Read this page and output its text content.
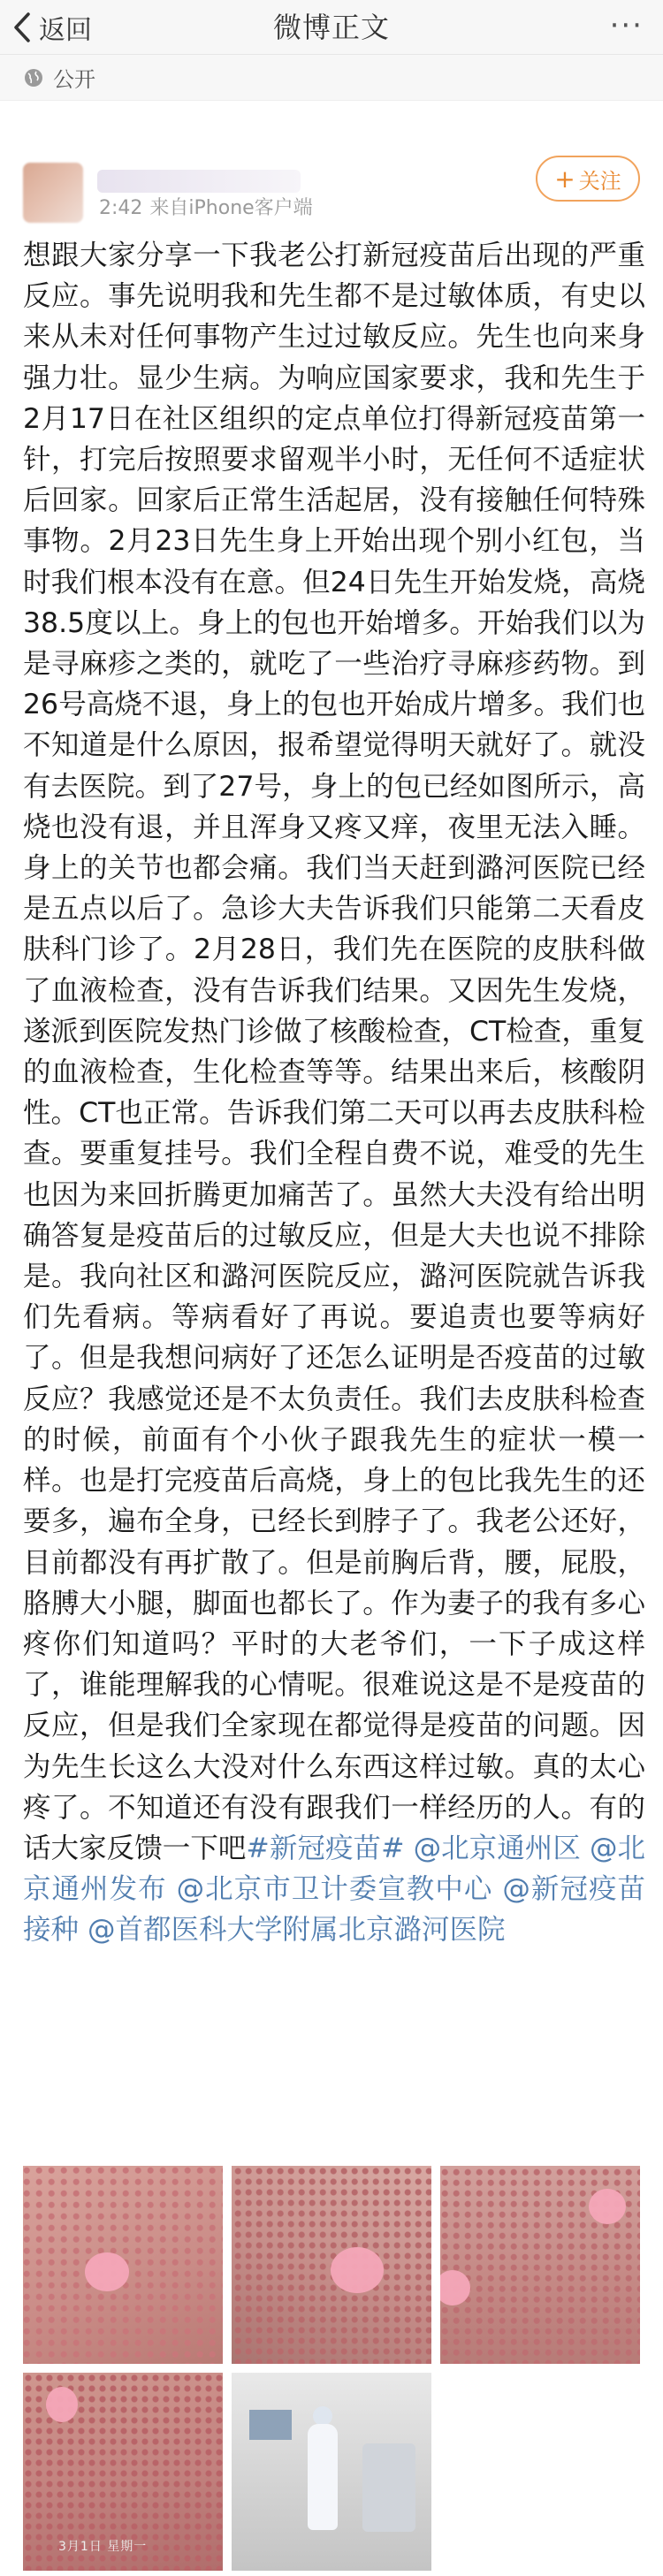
返回	微博正文	···
公开
2:42 来自iPhone客户端
+ 关注
想跟大家分享一下我老公打新冠疫苗后出现的严重反应。事先说明我和先生都不是过敏体质，有史以来从未对任何事物产生过过敏反应。先生也向来身强力壮。显少生病。为响应国家要求，我和先生于2月17日在社区组织的定点单位打得新冠疫苗第一针，打完后按照要求留观半小时，无任何不适症状后回家。回家后正常生活起居，没有接触任何特殊事物。2月23日先生身上开始出现个别小红包，当时我们根本没有在意。但24日先生开始发烧，高烧38.5度以上。身上的包也开始增多。开始我们以为是寻麻疹之类的，就吃了一些治疗寻麻疹药物。到26号高烧不退，身上的包也开始成片增多。我们也不知道是什么原因，报希望觉得明天就好了。就没有去医院。到了27号，身上的包已经如图所示，高烧也没有退，并且浑身又疼又痒，夜里无法入睡。身上的关节也都会痛。我们当天赶到潞河医院已经是五点以后了。急诊大夫告诉我们只能第二天看皮肤科门诊了。2月28日，我们先在医院的皮肤科做了血液检查，没有告诉我们结果。又因先生发烧，遂派到医院发热门诊做了核酸检查，CT检查，重复的血液检查，生化检查等等。结果出来后，核酸阴性。CT也正常。告诉我们第二天可以再去皮肤科检查。要重复挂号。我们全程自费不说，难受的先生也因为来回折腾更加痛苦了。虽然大夫没有给出明确答复是疫苗后的过敏反应，但是大夫也说不排除是。我向社区和潞河医院反应，潞河医院就告诉我们先看病。等病看好了再说。要追责也要等病好了。但是我想问病好了还怎么证明是否疫苗的过敏反应？我感觉还是不太负责任。我们去皮肤科检查的时候，前面有个小伙子跟我先生的症状一模一样。也是打完疫苗后高烧，身上的包比我先生的还要多，遍布全身，已经长到脖子了。我老公还好，目前都没有再扩散了。但是前胸后背，腰，屁股，胳膊大小腿，脚面也都长了。作为妻子的我有多心疼你们知道吗？平时的大老爷们，一下子成这样了，谁能理解我的心情呢。很难说这是不是疫苗的反应，但是我们全家现在都觉得是疫苗的问题。因为先生长这么大没对什么东西这样过敏。真的太心疼了。不知道还有没有跟我们一样经历的人。有的话大家反馈一下吧#新冠疫苗# @北京通州区 @北京通州发布 @北京市卫计委宣教中心 @新冠疫苗接种 @首都医科大学附属北京潞河医院
3月1日 星期一
